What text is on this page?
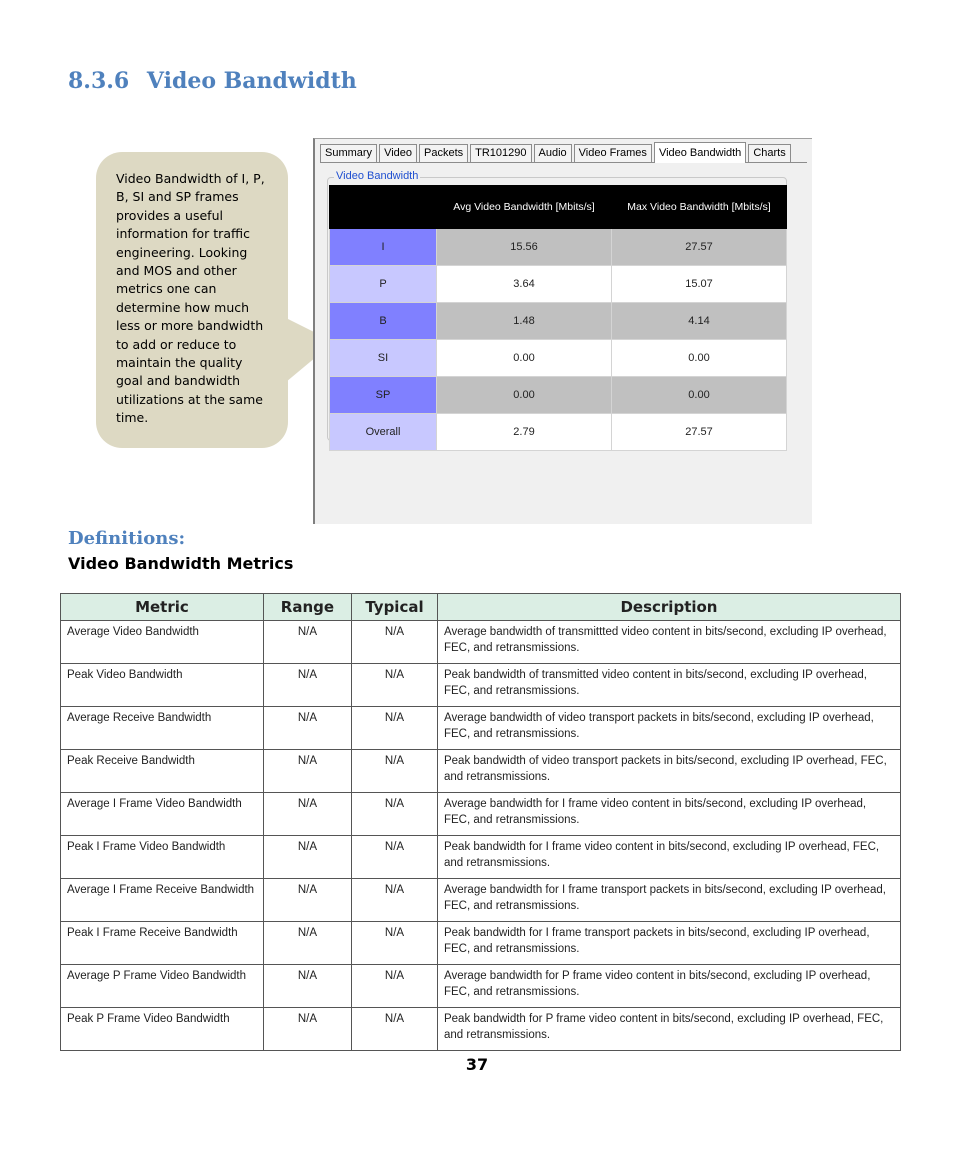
8.3.6 Video Bandwidth
Video Bandwidth of I, P, B, SI and SP frames provides a useful information for traffic engineering. Looking and MOS and other metrics one can determine how much less or more bandwidth to add or reduce to maintain the quality goal and bandwidth utilizations at the same time.
Summary	Video	Packets	TR101290	Audio	Video Frames	Video Bandwidth	Charts
Video Bandwidth
	Avg Video Bandwidth [Mbits/s]	Max Video Bandwidth [Mbits/s]
I	15.56	27.57
P	3.64	15.07
B	1.48	4.14
SI	0.00	0.00
SP	0.00	0.00
Overall	2.79	27.57
Definitions:
Video Bandwidth Metrics
Metric	Range	Typical	Description
Average Video Bandwidth	N/A	N/A	Average bandwidth of transmittted video content in bits/second, excluding IP overhead, FEC, and retransmissions.
Peak Video Bandwidth	N/A	N/A	Peak bandwidth of transmitted video content in bits/second, excluding IP overhead, FEC, and retransmissions.
Average Receive Bandwidth	N/A	N/A	Average bandwidth of video transport packets in bits/second, excluding IP overhead, FEC, and retransmissions.
Peak Receive Bandwidth	N/A	N/A	Peak bandwidth of video transport packets in bits/second, excluding IP overhead, FEC, and retransmissions.
Average I Frame Video Bandwidth	N/A	N/A	Average bandwidth for I frame video content in bits/second, excluding IP overhead, FEC, and retransmissions.
Peak I Frame Video Bandwidth	N/A	N/A	Peak bandwidth for I frame video content in bits/second, excluding IP overhead, FEC, and retransmissions.
Average I Frame Receive Bandwidth	N/A	N/A	Average bandwidth for I frame transport packets in bits/second, excluding IP overhead, FEC, and retransmissions.
Peak I Frame Receive Bandwidth	N/A	N/A	Peak bandwidth for I frame transport packets in bits/second, excluding IP overhead, FEC, and retransmissions.
Average P Frame Video Bandwidth	N/A	N/A	Average bandwidth for P frame video content in bits/second, excluding IP overhead, FEC, and retransmissions.
Peak P Frame Video Bandwidth	N/A	N/A	Peak bandwidth for P frame video content in bits/second, excluding IP overhead, FEC, and retransmissions.
37
